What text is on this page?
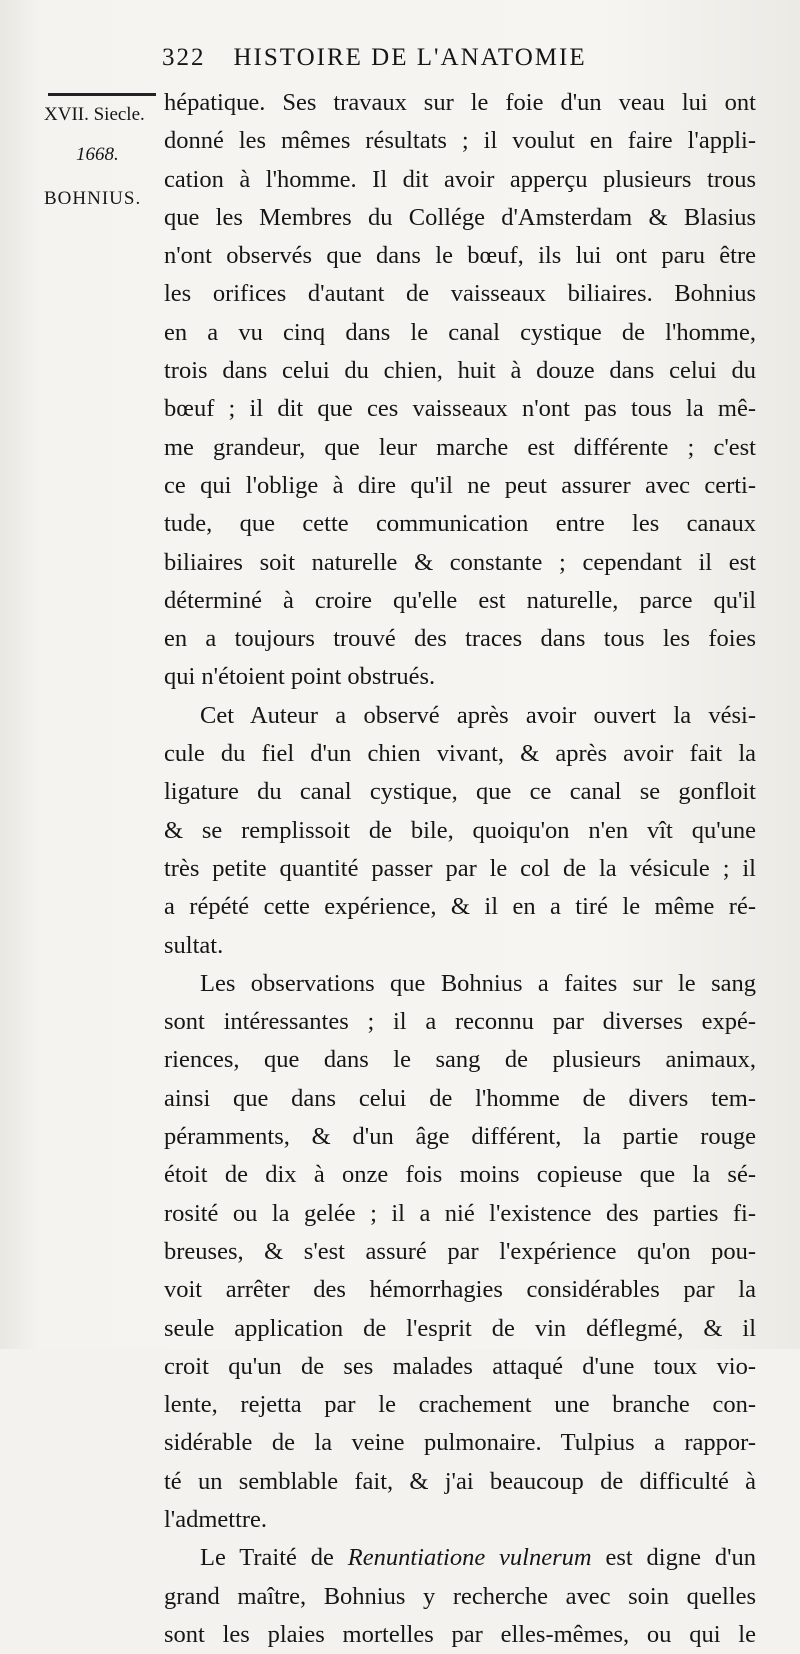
322 HISTOIRE DE L'ANATOMIE
XVII. Siecle.
1668.
BOHNIUS.
hépatique. Ses travaux sur le foie d'un veau lui ont
donné les mêmes résultats ; il voulut en faire l'appli-
cation à l'homme. Il dit avoir apperçu plusieurs trous
que les Membres du Collége d'Amsterdam & Blasius
n'ont observés que dans le bœuf, ils lui ont paru être
les orifices d'autant de vaisseaux biliaires. Bohnius
en a vu cinq dans le canal cystique de l'homme,
trois dans celui du chien, huit à douze dans celui du
bœuf ; il dit que ces vaisseaux n'ont pas tous la mê-
me grandeur, que leur marche est différente ; c'est
ce qui l'oblige à dire qu'il ne peut assurer avec certi-
tude, que cette communication entre les canaux
biliaires soit naturelle & constante ; cependant il est
déterminé à croire qu'elle est naturelle, parce qu'il
en a toujours trouvé des traces dans tous les foies
qui n'étoient point obstrués.
Cet Auteur a observé après avoir ouvert la vési-
cule du fiel d'un chien vivant, & après avoir fait la
ligature du canal cystique, que ce canal se gonfloit
& se remplissoit de bile, quoiqu'on n'en vît qu'une
très petite quantité passer par le col de la vésicule ; il
a répété cette expérience, & il en a tiré le même ré-
sultat.
Les observations que Bohnius a faites sur le sang
sont intéressantes ; il a reconnu par diverses expé-
riences, que dans le sang de plusieurs animaux,
ainsi que dans celui de l'homme de divers tem-
péramments, & d'un âge différent, la partie rouge
étoit de dix à onze fois moins copieuse que la sé-
rosité ou la gelée ; il a nié l'existence des parties fi-
breuses, & s'est assuré par l'expérience qu'on pou-
voit arrêter des hémorrhagies considérables par la
seule application de l'esprit de vin déflegmé, & il
croit qu'un de ses malades attaqué d'une toux vio-
lente, rejetta par le crachement une branche con-
sidérable de la veine pulmonaire. Tulpius a rappor-
té un semblable fait, & j'ai beaucoup de difficulté à
l'admettre.
Le Traité de Renuntiatione vulnerum est digne d'un
grand maître, Bohnius y recherche avec soin quelles
sont les plaies mortelles par elles-mêmes, ou qui le
